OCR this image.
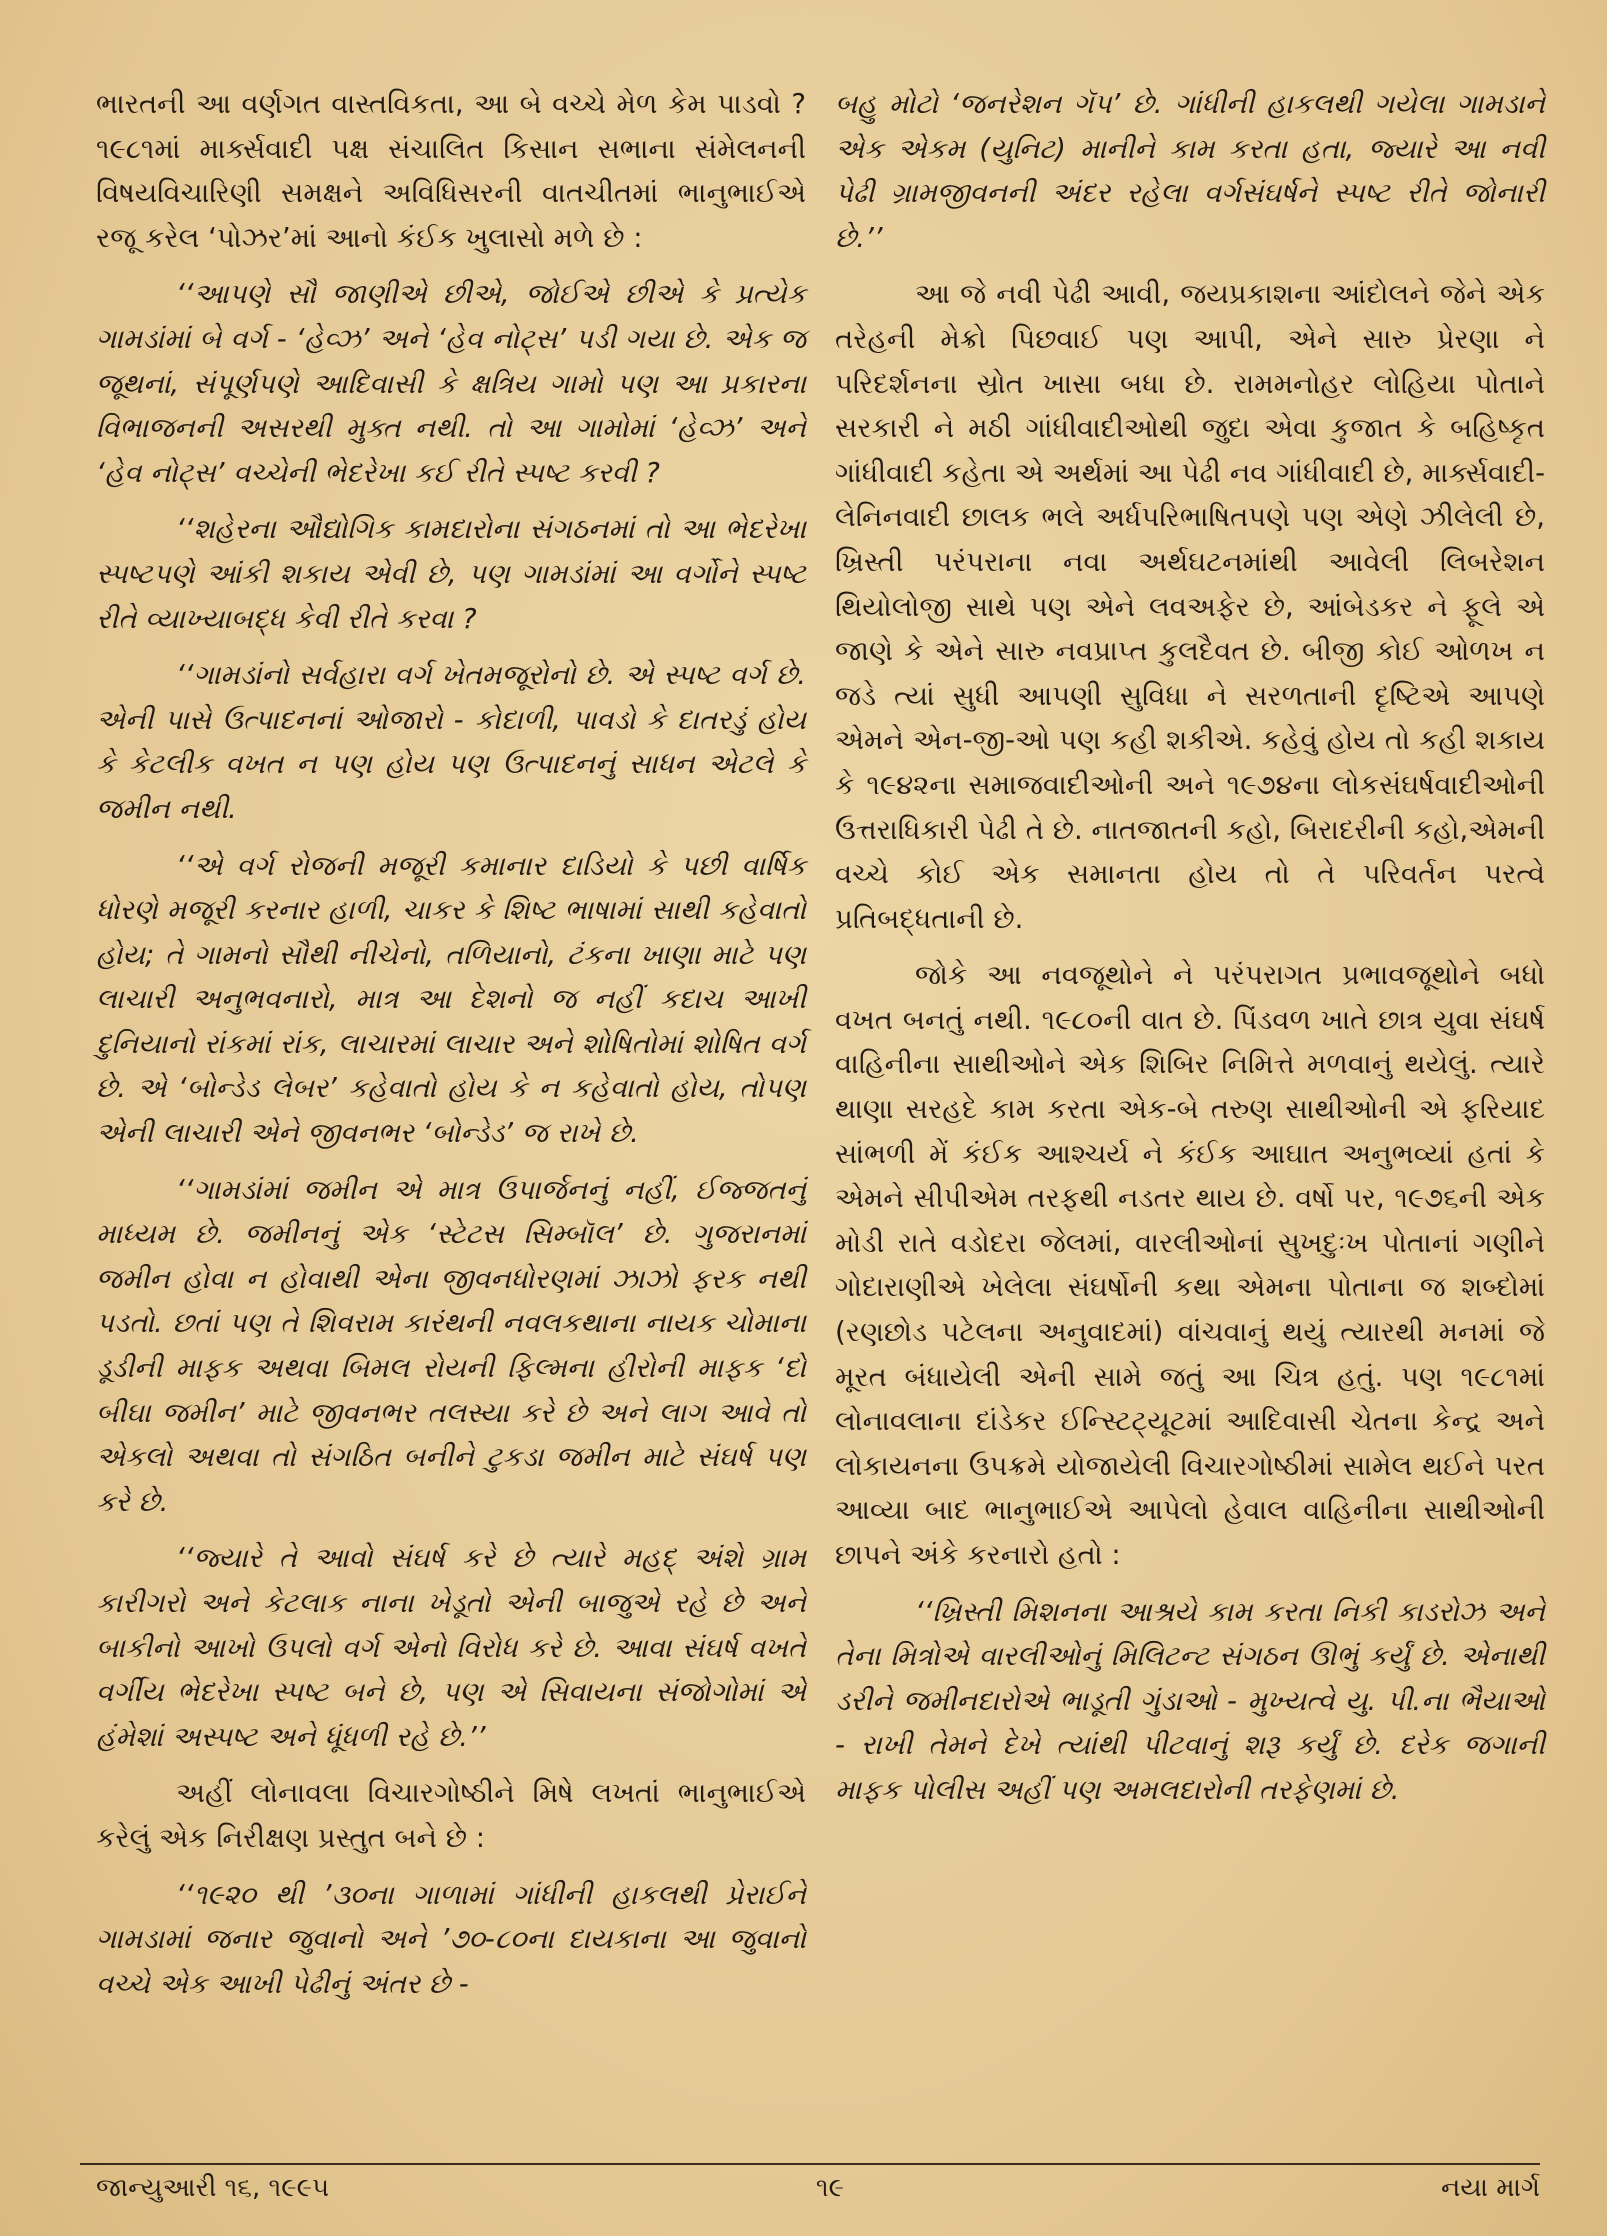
ભારતની આ વર્ણગત વાસ્તવિકતા, આ બે વચ્ચે મેળ કેમ પાડવો ? ૧૯૮૧માં માર્ક્સવાદી પક્ષ સંચાલિત કિસાન સભાના સંમેલનની વિષયવિચારિણી સમક્ષને અવિધિસરની વાતચીતમાં ભાનુભાઈએ રજૂ કરેલ ‘પોઝર’માં આનો કંઈક ખુલાસો મળે છે :

‘‘આપણે સૌ જાણીએ છીએ, જોઈએ છીએ કે પ્રત્યેક ગામડાંમાં બે વર્ગ - ‘હેવ્ઝ’ અને ‘હેવ નોટ્સ’ પડી ગયા છે. એક જ જૂથનાં, સંપૂર્ણપણે આદિવાસી કે ક્ષત્રિય ગામો પણ આ પ્રકારના વિભાજનની અસરથી મુક્ત નથી. તો આ ગામોમાં ‘હેવ્ઝ’ અને ‘હેવ નોટ્સ’ વચ્ચેની ભેદરેખા કઈ રીતે સ્પષ્ટ કરવી ?

‘‘શહેરના ઔદ્યોગિક કામદારોના સંગઠનમાં તો આ ભેદરેખા સ્પષ્ટપણે આંકી શકાય એવી છે, પણ ગામડાંમાં આ વર્ગોને સ્પષ્ટ રીતે વ્યાખ્યાબદ્ધ કેવી રીતે કરવા ?

‘‘ગામડાંનો સર્વહારા વર્ગ ખેતમજૂરોનો છે. એ સ્પષ્ટ વર્ગ છે. એની પાસે ઉત્પાદનનાં ઓજારો - કોદાળી, પાવડો કે દાતરડું હોય કે કેટલીક વખત ન પણ હોય પણ ઉત્પાદનનું સાધન એટલે કે જમીન નથી.

‘‘એ વર્ગ રોજની મજૂરી કમાનાર દાડિયો કે પછી વાર્ષિક ધોરણે મજૂરી કરનાર હાળી, ચાકર કે શિષ્ટ ભાષામાં સાથી કહેવાતો હોય; તે ગામનો સૌથી નીચેનો, તળિયાનો, ટંકના ખાણા માટે પણ લાચારી અનુભવનારો, માત્ર આ દેશનો જ નહીં કદાચ આખી દુનિયાનો રાંકમાં રાંક, લાચારમાં લાચાર અને શોષિતોમાં શોષિત વર્ગ છે. એ ‘બોન્ડેડ લેબર’ કહેવાતો હોય કે ન કહેવાતો હોય, તોપણ એની લાચારી એને જીવનભર ‘બોન્ડેડ’ જ રાખે છે.

‘‘ગામડાંમાં જમીન એ માત્ર ઉપાર્જનનું નહીં, ઈજ્જતનું માધ્યમ છે. જમીનનું એક ‘સ્ટેટસ સિમ્બૉલ’ છે. ગુજરાનમાં જમીન હોવા ન હોવાથી એના જીવનધોરણમાં ઝાઝો ફરક નથી પડતો. છતાં પણ તે શિવરામ કારંથની નવલકથાના નાયક ચોમાના ડૂડીની માફક અથવા બિમલ રોયની ફિલ્મના હીરોની માફક ‘દો બીઘા જમીન’ માટે જીવનભર તલસ્યા કરે છે અને લાગ આવે તો એકલો અથવા તો સંગઠિત બનીને ટુકડા જમીન માટે સંઘર્ષ પણ કરે છે.

‘‘જ્યારે તે આવો સંઘર્ષ કરે છે ત્યારે મહદ્ અંશે ગ્રામ કારીગરો અને કેટલાક નાના ખેડૂતો એની બાજુએ રહે છે અને બાકીનો આખો ઉપલો વર્ગ એનો વિરોધ કરે છે. આવા સંઘર્ષ વખતે વર્ગીય ભેદરેખા સ્પષ્ટ બને છે, પણ એ સિવાયના સંજોગોમાં એ હંમેશાં અસ્પષ્ટ અને ધૂંધળી રહે છે.’’

અહીં લોનાવલા વિચારગોષ્ઠીને મિષે લખતાં ભાનુભાઈએ કરેલું એક નિરીક્ષણ પ્રસ્તુત બને છે :

‘‘૧૯૨૦ થી ’૩૦ના ગાળામાં ગાંધીની હાકલથી પ્રેરાઈને ગામડામાં જનાર જુવાનો અને ’૭૦-૮૦ના દાયકાના આ જુવાનો વચ્ચે એક આખી પેઢીનું અંતર છે -

બહુ મોટો ‘જનરેશન ગૅપ’ છે. ગાંધીની હાકલથી ગયેલા ગામડાને એક એકમ (યુનિટ) માનીને કામ કરતા હતા, જ્યારે આ નવી પેઢી ગ્રામજીવનની અંદર રહેલા વર્ગસંઘર્ષને સ્પષ્ટ રીતે જોનારી છે.’’

આ જે નવી પેઢી આવી, જયપ્રકાશના આંદોલને જેને એક તરેહની મેક્રો પિછવાઈ પણ આપી, એને સારુ પ્રેરણા ને પરિદર્શનના સ્રોત ખાસા બધા છે. રામમનોહર લોહિયા પોતાને સરકારી ને મઠી ગાંધીવાદીઓથી જુદા એવા કુજાત કે બહિષ્કૃત ગાંધીવાદી કહેતા એ અર્થમાં આ પેઢી નવ ગાંધીવાદી છે, માર્ક્સવાદી-લેનિનવાદી છાલક ભલે અર્ધપરિભાષિતપણે પણ એણે ઝીલેલી છે, ખ્રિસ્તી પરંપરાના નવા અર્થઘટનમાંથી આવેલી લિબરેશન થિયોલોજી સાથે પણ એને લવઅફેર છે, આંબેડકર ને ફૂલે એ જાણે કે એને સારુ નવપ્રાપ્ત કુલદૈવત છે. બીજી કોઈ ઓળખ ન જડે ત્યાં સુધી આપણી સુવિધા ને સરળતાની દૃષ્ટિએ આપણે એમને એન-જી-ઓ પણ કહી શકીએ. કહેવું હોય તો કહી શકાય કે ૧૯૪૨ના સમાજવાદીઓની અને ૧૯૭૪ના લોકસંઘર્ષવાદીઓની ઉત્તરાધિકારી પેઢી તે છે. નાતજાતની કહો, બિરાદરીની કહો,એમની વચ્ચે કોઈ એક સમાનતા હોય તો તે પરિવર્તન પરત્વે પ્રતિબદ્ધતાની છે.

જોકે આ નવજૂથોને ને પરંપરાગત પ્રભાવજૂથોને બધો વખત બનતું નથી. ૧૯૮૦ની વાત છે. પિંડવળ ખાતે છાત્ર યુવા સંઘર્ષ વાહિનીના સાથીઓને એક શિબિર નિમિત્તે મળવાનું થયેલું. ત્યારે થાણા સરહદે કામ કરતા એક-બે તરુણ સાથીઓની એ ફરિયાદ સાંભળી મેં કંઈક આશ્ચર્ય ને કંઈક આઘાત અનુભવ્યાં હતાં કે એમને સીપીએમ તરફથી નડતર થાય છે. વર્ષો પર, ૧૯૭૬ની એક મોડી રાતે વડોદરા જેલમાં, વારલીઓનાં સુખદુઃખ પોતાનાં ગણીને ગોદારાણીએ ખેલેલા સંઘર્ષોની કથા એમના પોતાના જ શબ્દોમાં (રણછોડ પટેલના અનુવાદમાં) વાંચવાનું થયું ત્યારથી મનમાં જે મૂરત બંધાયેલી એની સામે જતું આ ચિત્ર હતું. પણ ૧૯૮૧માં લોનાવલાના દાંડેકર ઈન્સ્ટિટ્યૂટમાં આદિવાસી ચેતના કેન્દ્ર અને લોકાયનના ઉપક્રમે યોજાયેલી વિચારગોષ્ઠીમાં સામેલ થઈને પરત આવ્યા બાદ ભાનુભાઈએ આપેલો હેવાલ વાહિનીના સાથીઓની છાપને અંકે કરનારો હતો :

‘‘ખ્રિસ્તી મિશનના આશ્રયે કામ કરતા નિકી કાડરોઝ અને તેના મિત્રોએ વારલીઓનું મિલિટન્ટ સંગઠન ઊભું કર્યું છે. એનાથી ડરીને જમીનદારોએ ભાડૂતી ગુંડાઓ - મુખ્યત્વે યુ. પી.ના ભૈયાઓ - રાખી તેમને દેખે ત્યાંથી પીટવાનું શરૂ કર્યું છે. દરેક જગાની માફક પોલીસ અહીં પણ અમલદારોની તરફેણમાં છે.

જાન્યુઆરી ૧૬, ૧૯૯૫	૧૯	નયા માર્ગ
